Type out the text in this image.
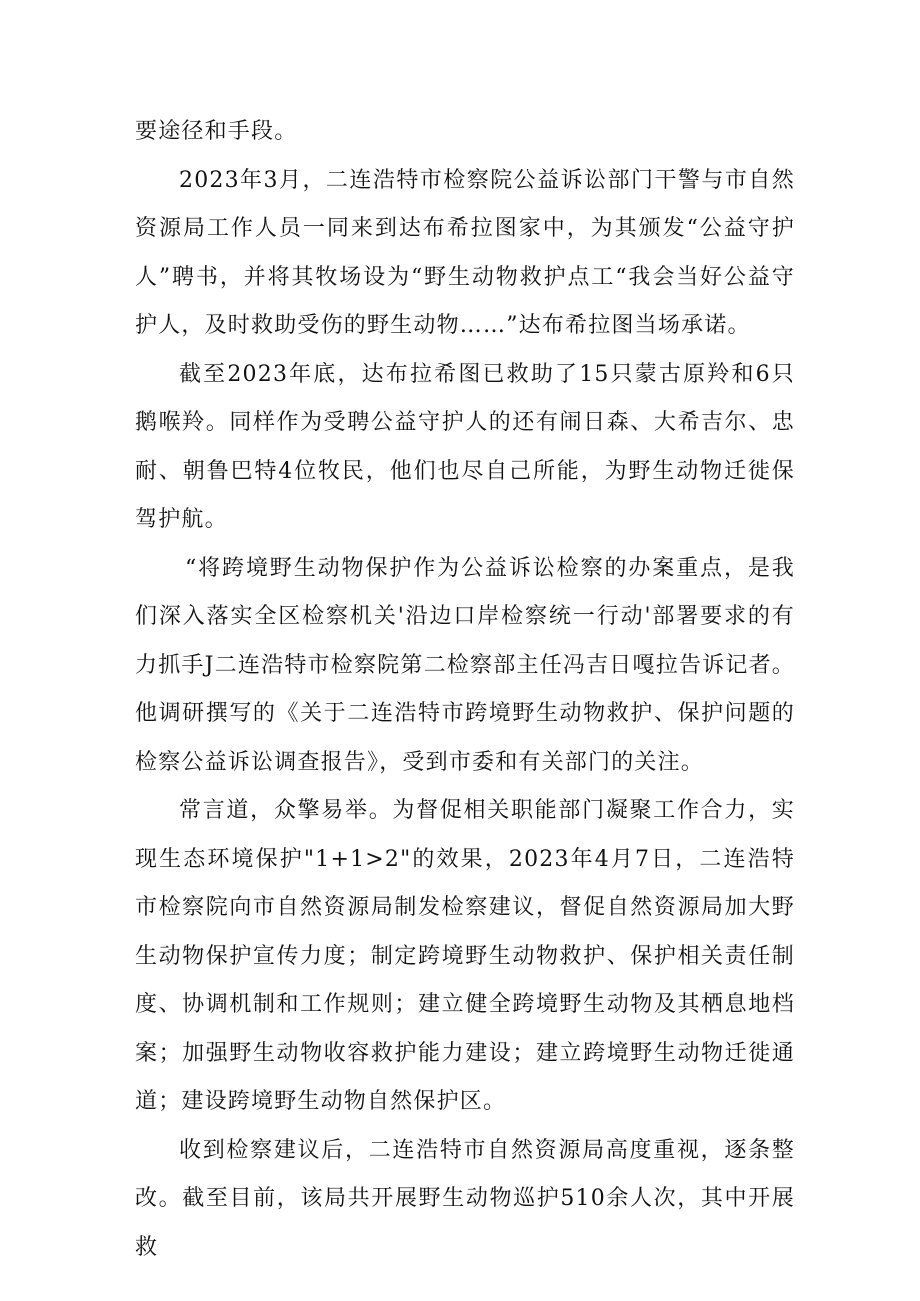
要途径和手段。

2023年3月，二连浩特市检察院公益诉讼部门干警与市自然资源局工作人员一同来到达布希拉图家中，为其颁发“公益守护人”聘书，并将其牧场设为“野生动物救护点工“我会当好公益守护人，及时救助受伤的野生动物……”达布希拉图当场承诺。

截至2023年底，达布拉希图已救助了15只蒙古原羚和6只鹅喉羚。同样作为受聘公益守护人的还有闹日森、大希吉尔、忠耐、朝鲁巴特4位牧民，他们也尽自己所能，为野生动物迁徙保驾护航。

“将跨境野生动物保护作为公益诉讼检察的办案重点，是我们深入落实全区检察机关'沿边口岸检察统一行动'部署要求的有力抓手J二连浩特市检察院第二检察部主任冯吉日嘎拉告诉记者。他调研撰写的《关于二连浩特市跨境野生动物救护、保护问题的检察公益诉讼调查报告》，受到市委和有关部门的关注。

常言道，众擎易举。为督促相关职能部门凝聚工作合力，实现生态环境保护"1+1>2"的效果，2023年4月7日，二连浩特市检察院向市自然资源局制发检察建议，督促自然资源局加大野生动物保护宣传力度；制定跨境野生动物救护、保护相关责任制度、协调机制和工作规则；建立健全跨境野生动物及其栖息地档案；加强野生动物收容救护能力建设；建立跨境野生动物迁徙通道；建设跨境野生动物自然保护区。

收到检察建议后，二连浩特市自然资源局高度重视，逐条整改。截至目前，该局共开展野生动物巡护510余人次，其中开展救
